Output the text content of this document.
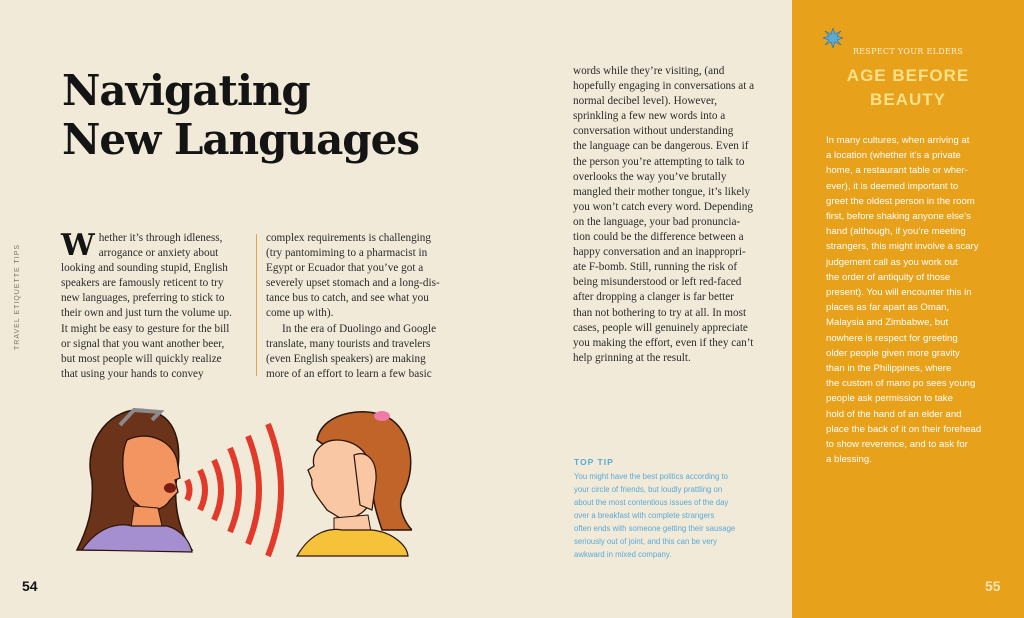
Navigating
New Languages
TRAVEL ETIQUETTE TIPS W hether it’s through idleness,
arrogance or anxiety about
looking and sounding stupid, English
speakers are famously reticent to try
new languages, preferring to stick to
their own and just turn the volume up.
It might be easy to gesture for the bill
or signal that you want another beer,
but most people will quickly realize
that using your hands to convey
complex requirements is challenging
(try pantomiming to a pharmacist in
Egypt or Ecuador that you’ve got a
severely upset stomach and a long-dis-
tance bus to catch, and see what you
come up with).
In the era of Duolingo and Google
translate, many tourists and travelers
(even English speakers) are making
more of an effort to learn a few basic
54
words while they’re visiting, (and
hopefully engaging in conversations at a
normal decibel level). However,
sprinkling a few new words into a
conversation without understanding
the language can be dangerous. Even if
the person you’re attempting to talk to
overlooks the way you’ve brutally
mangled their mother tongue, it’s likely
you won’t catch every word. Depending
on the language, your bad pronuncia-
tion could be the difference between a
happy conversation and an inappropri-
ate F-bomb. Still, running the risk of
being misunderstood or left red-faced
after dropping a clanger is far better
than not bothering to try at all. In most
cases, people will genuinely appreciate
you making the effort, even if they can’t
help grinning at the result.
TOP TIP
You might have the best politics according to
your circle of friends, but loudly prattling on
about the most contentious issues of the day
over a breakfast with complete strangers
often ends with someone getting their sausage
seriously out of joint, and this can be very
awkward in mixed company.
RESPECT YOUR ELDERS
AGE BEFORE
BEAUTY
In many cultures, when arriving at
a location (whether it’s a private
home, a restaurant table or wher-
ever), it is deemed important to
greet the oldest person in the room
first, before shaking anyone else’s
hand (although, if you’re meeting
strangers, this might involve a scary
judgement call as you work out
the order of antiquity of those
present). You will encounter this in
places as far apart as Oman,
Malaysia and Zimbabwe, but
nowhere is respect for greeting
older people given more gravity
than in the Philippines, where
the custom of mano po sees young
people ask permission to take
hold of the hand of an elder and
place the back of it on their forehead
to show reverence, and to ask for
a blessing.
55
